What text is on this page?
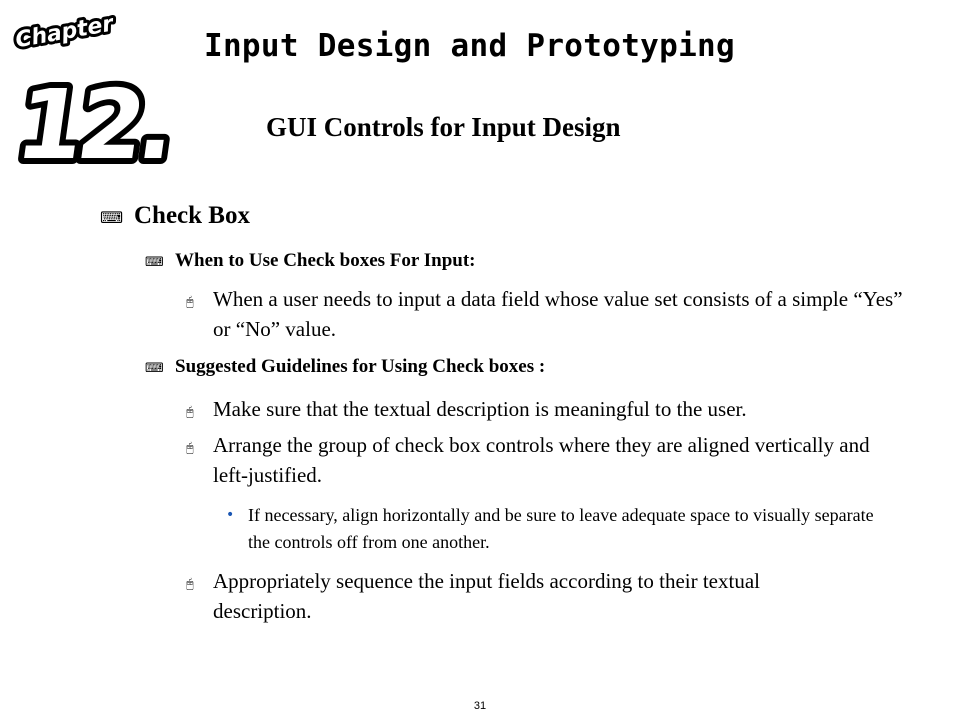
Chapter
12.
Input Design and Prototyping
GUI Controls for Input Design
⌨ Check Box
⌨ When to Use Check boxes For Input:
🖰 When a user needs to input a data field whose value set consists of a simple “Yes” or “No” value.
⌨ Suggested Guidelines for Using Check boxes :
🖰 Make sure that the textual description is meaningful to the user.
🖰 Arrange the group of check box controls where they are aligned vertically and left-justified.
• If necessary, align horizontally and be sure to leave adequate space to visually separate the controls off from one another.
🖰 Appropriately sequence the input fields according to their textual description.
31
